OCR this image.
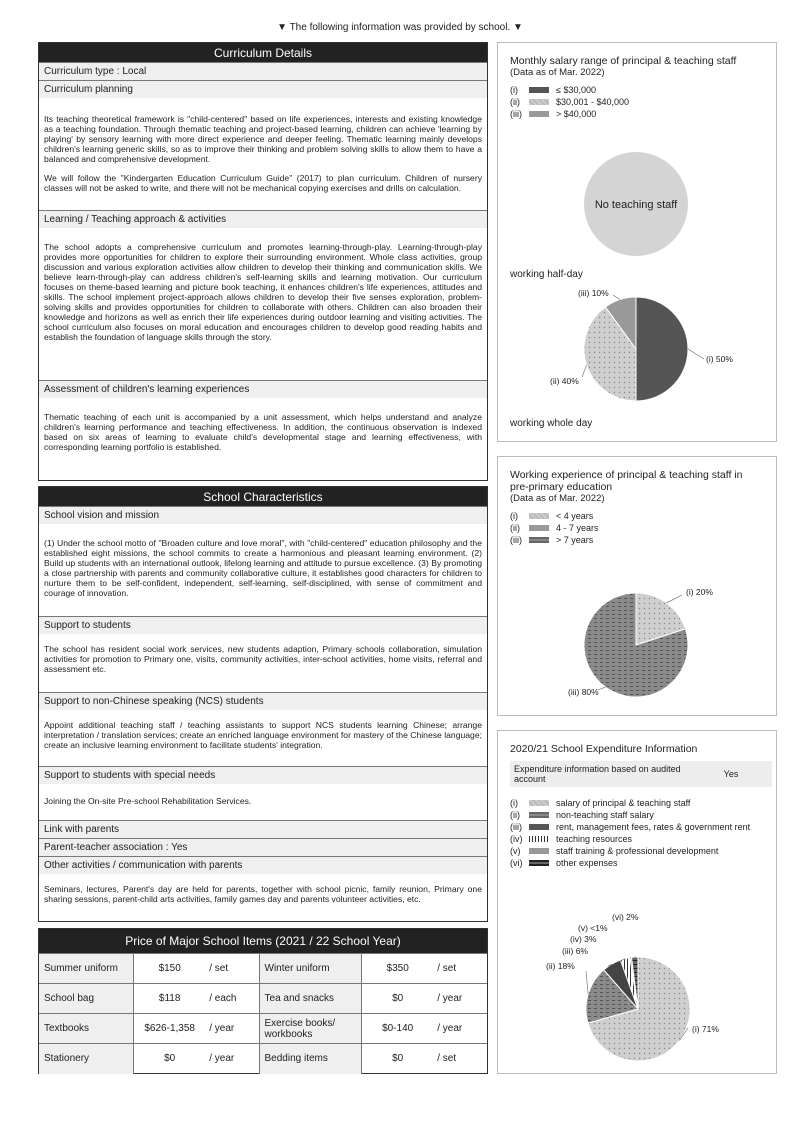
▼ The following information was provided by school. ▼
Curriculum Details
Curriculum type : Local
Curriculum planning

Its teaching theoretical framework is "child-centered" based on life experiences, interests and existing knowledge as a teaching foundation. Through thematic teaching and project-based learning, children can achieve 'learning by playing' by sensory learning with more direct experience and deeper feeling. Thematic learning mainly develops children's learning generic skills, so as to improve their thinking and problem solving skills to allow them to have a balanced and comprehensive development.

We will follow the "Kindergarten Education Curriculum Guide" (2017) to plan curriculum. Children of nursery classes will not be asked to write, and there will not be mechanical copying exercises and drills on calculation.

Learning / Teaching approach & activities

The school adopts a comprehensive curriculum and promotes learning-through-play. Learning-through-play provides more opportunities for children to explore their surrounding environment. Whole class activities, group discussion and various exploration activities allow children to develop their thinking and communication skills. We believe learn-through-play can address children's self-learning skills and learning motivation. Our curriculum focuses on theme-based learning and picture book teaching, it enhances children's life experiences, attitudes and skills. The school implement project-approach allows children to develop their five senses exploration, problem-solving skills and provides opportunities for children to collaborate with others. Children can also broaden their knowledge and horizons as well as enrich their life experiences during outdoor learning and visiting activities. The school curriculum also focuses on moral education and encourages children to develop good reading habits and establish the foundation of language skills through the story.

Assessment of children's learning experiences

Thematic teaching of each unit is accompanied by a unit assessment, which helps understand and analyze children's learning performance and teaching effectiveness. In addition, the continuous observation is indexed based on six areas of learning to evaluate child's developmental stage and learning effectiveness, with corresponding learning portfolio is established.

School Characteristics
School vision and mission

(1) Under the school motto of "Broaden culture and love moral", with "child-centered" education philosophy and the established eight missions, the school commits to create a harmonious and pleasant learning environment. (2) Build up students with an international outlook, lifelong learning and attitude to pursue excellence. (3) By promoting a close partnership with parents and community collaborative culture, it establishes good characters for children to nurture them to be self-confident, independent, self-learning, self-disciplined, with sense of commitment and courage of innovation.

Support to students

The school has resident social work services, new students adaption, Primary schools collaboration, simulation activities for promotion to Primary one, visits, community activities, inter-school activities, home visits, referral and assessment etc.

Support to non-Chinese speaking (NCS) students

Appoint additional teaching staff / teaching assistants to support NCS students learning Chinese; arrange interpretation / translation services; create an enriched language environment for mastery of the Chinese language; create an inclusive learning environment to facilitate students' integration.

Support to students with special needs

Joining the On-site Pre-school Rehabilitation Services.

Link with parents
Parent-teacher association : Yes
Other activities / communication with parents

Seminars, lectures, Parent's day are held for parents, together with school picnic, family reunion, Primary one sharing sessions, parent-child arts activities, family games day and parents volunteer activities, etc.

Price of Major School Items (2021 / 22 School Year)
Summer uniform	$150	/ set	Winter uniform	$350	/ set
School bag	$118	/ each	Tea and snacks	$0	/ year
Textbooks	$626-1,358	/ year	Exercise books/ workbooks	$0-140	/ year
Stationery	$0	/ year	Bedding items	$0	/ set
Monthly salary range of principal & teaching staff
(Data as of Mar. 2022)
(i)	≤ $30,000
(ii)	$30,001 - $40,000
(iii)	> $40,000
No teaching staff
working half-day
(i) 50%
(ii) 40%
(iii) 10%
working whole day
Working experience of principal & teaching staff in pre-primary education
(Data as of Mar. 2022)
(i)	< 4 years
(ii)	4 - 7 years
(iii)	> 7 years
(i) 20%
(iii) 80%
2020/21 School Expenditure Information
Expenditure information based on audited account	Yes
(i)	salary of principal & teaching staff
(ii)	non-teaching staff salary
(iii)	rent, management fees, rates & government rent
(iv)	teaching resources
(v)	staff training & professional development
(vi)	other expenses
(i) 71%
(ii) 18%
(iii) 6%
(iv) 3%
(v) <1%
(vi) 2%
